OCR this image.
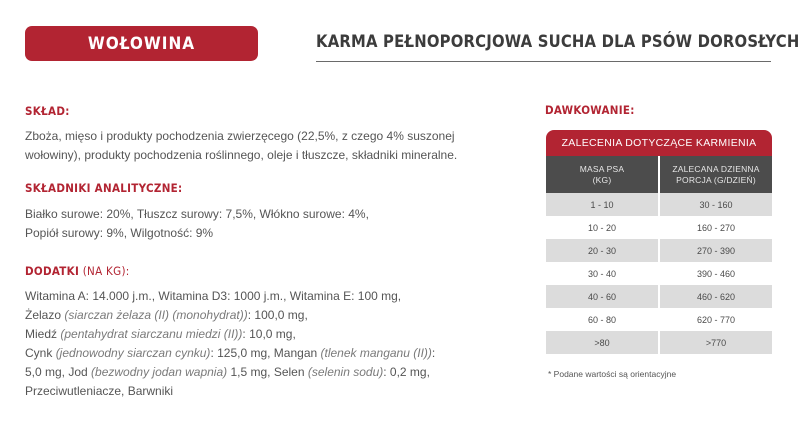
WOŁOWINA	KARMA PEŁNOPORCJOWA SUCHA DLA PSÓW DOROSŁYCH
SKŁAD:
Zboża, mięso i produkty pochodzenia zwierzęcego (22,5%, z czego 4% suszonej
wołowiny), produkty pochodzenia roślinnego, oleje i tłuszcze, składniki mineralne.
SKŁADNIKI ANALITYCZNE:
Białko surowe: 20%, Tłuszcz surowy: 7,5%, Włókno surowe: 4%,
Popiół surowy: 9%, Wilgotność: 9%
DODATKI (NA KG):
Witamina A: 14.000 j.m., Witamina D3: 1000 j.m., Witamina E: 100 mg,
Żelazo (siarczan żelaza (II) (monohydrat)): 100,0 mg,
Miedź (pentahydrat siarczanu miedzi (II)): 10,0 mg,
Cynk (jednowodny siarczan cynku): 125,0 mg, Mangan (tlenek manganu (II)):
5,0 mg, Jod (bezwodny jodan wapnia) 1,5 mg, Selen (selenin sodu): 0,2 mg,
Przeciwutleniacze, Barwniki
DAWKOWANIE:
ZALECENIA DOTYCZĄCE KARMIENIA
MASA PSA
(KG)
ZALECANA DZIENNA
PORCJA (G/DZIEŃ)
1 - 10	30 - 160
10 - 20	160 - 270
20 - 30	270 - 390
30 - 40	390 - 460
40 - 60	460 - 620
60 - 80	620 - 770
>80	>770
* Podane wartości są orientacyjne
